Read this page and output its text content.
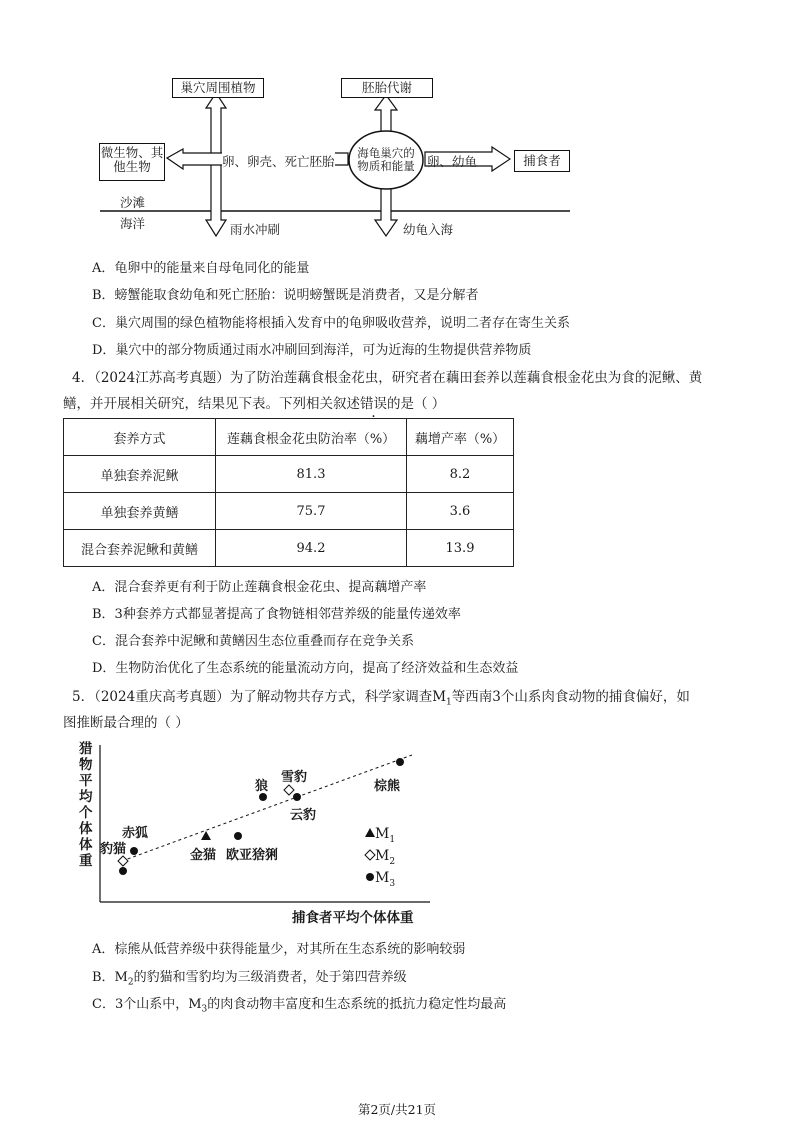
巢穴周围植物	胚胎代谢
微生物、其他生物	卵、卵壳、死亡胚胎
海龟巢穴的物质和能量 卵、幼龟	捕食者
沙滩
海洋	雨水冲刷	幼龟入海
A．龟卵中的能量来自母龟同化的能量
B．螃蟹能取食幼龟和死亡胚胎：说明螃蟹既是消费者，又是分解者
C．巢穴周围的绿色植物能将根插入发育中的龟卵吸收营养，说明二者存在寄生关系
D．巢穴中的部分物质通过雨水冲刷回到海洋，可为近海的生物提供营养物质
4．（2024江苏高考真题）为了防治莲藕食根金花虫，研究者在藕田套养以莲藕食根金花虫为食的泥鳅、黄
鳝，并开展相关研究，结果见下表。下列相关叙述错误的是（ ）
套养方式	莲藕食根金花虫防治率（%）	藕增产率（%）
单独套养泥鳅	81.3	8.2
单独套养黄鳝	75.7	3.6
混合套养泥鳅和黄鳝	94.2	13.9
A．混合套养更有利于防止莲藕食根金花虫、提高藕增产率
B．3种套养方式都显著提高了食物链相邻营养级的能量传递效率
C．混合套养中泥鳅和黄鳝因生态位重叠而存在竞争关系
D．生物防治优化了生态系统的能量流动方向，提高了经济效益和生态效益
5．（2024重庆高考真题）为了解动物共存方式，科学家调查$M_1$等西南3个山系肉食动物的捕食偏好，如
图推断最合理的（ ）
猎物平均个体体重
捕食者平均个体体重
赤狐
豹猫	金猫 欧亚猞猁
狼
雪豹
云豹
棕熊
$M_1$
$M_2$
$M_3$
A．棕熊从低营养级中获得能量少，对其所在生态系统的影响较弱
B．$M_2$的豹猫和雪豹均为三级消费者，处于第四营养级
C．3个山系中，$M_3$的肉食动物丰富度和生态系统的抵抗力稳定性均最高
第2页/共21页
